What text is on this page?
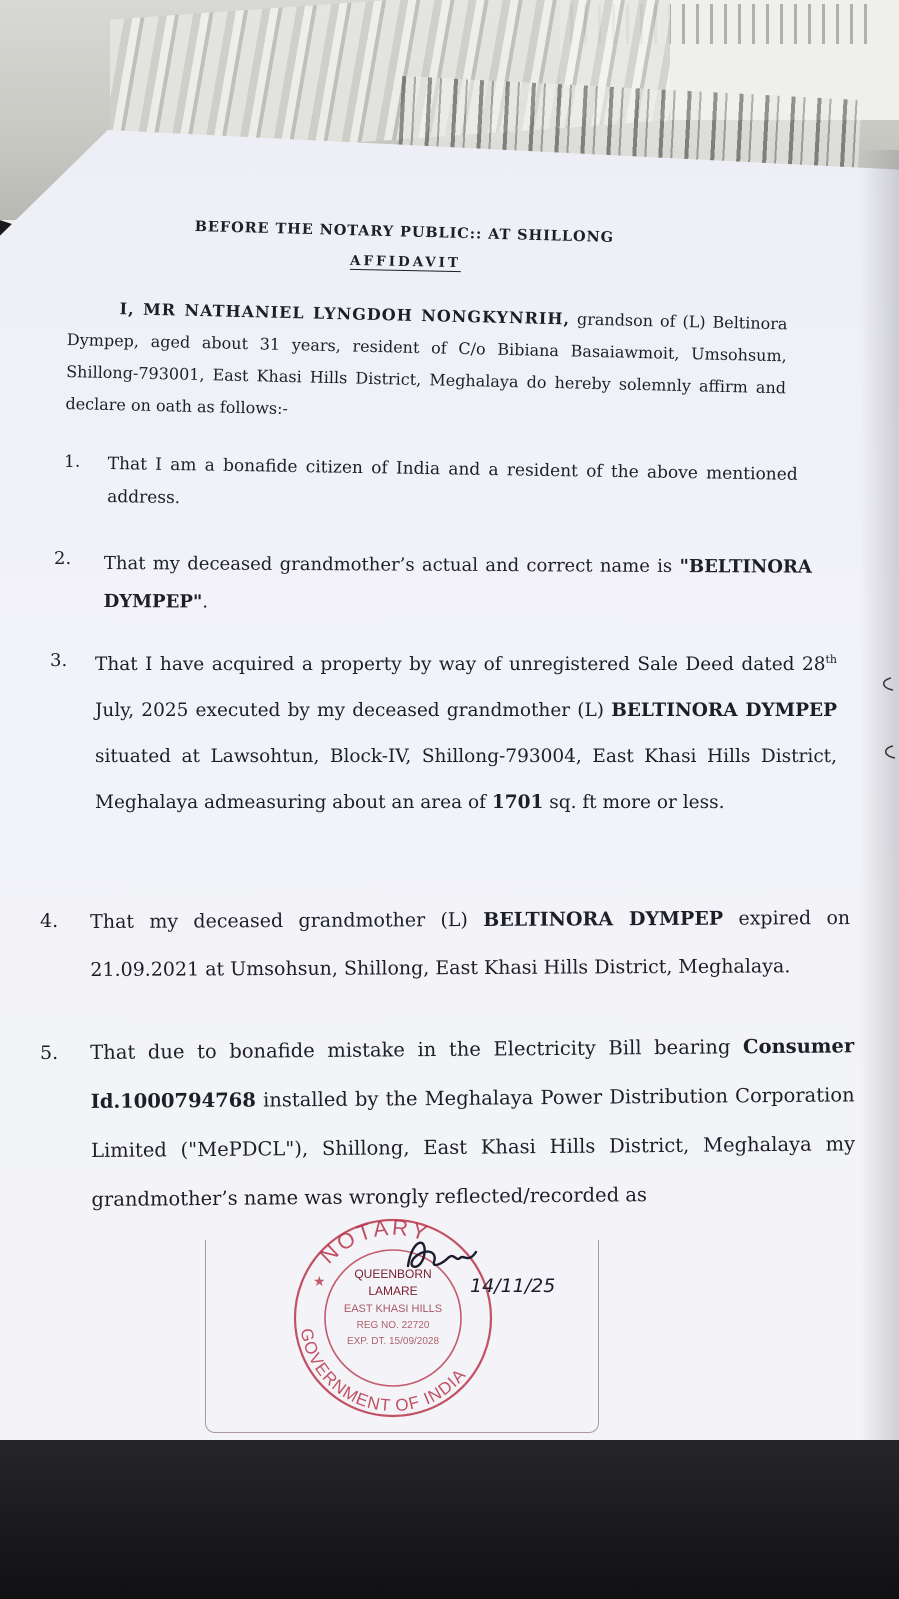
BEFORE THE NOTARY PUBLIC:: AT SHILLONG
AFFIDAVIT
I, MR NATHANIEL LYNGDOH NONGKYNRIH, grandson of (L) Beltinora Dympep, aged about 31 years, resident of C/o Bibiana Basaiawmoit, Umsohsum, Shillong-793001, East Khasi Hills District, Meghalaya do hereby solemnly affirm and declare on oath as follows:-
1. That I am a bonafide citizen of India and a resident of the above mentioned address.
2. That my deceased grandmother’s actual and correct name is "BELTINORA DYMPEP".
3. That I have acquired a property by way of unregistered Sale Deed dated 28th July, 2025 executed by my deceased grandmother (L) BELTINORA DYMPEP situated at Lawsohtun, Block-IV, Shillong-793004, East Khasi Hills District, Meghalaya admeasuring about an area of 1701 sq. ft more or less.
4. That my deceased grandmother (L) BELTINORA DYMPEP expired on 21.09.2021 at Umsohsun, Shillong, East Khasi Hills District, Meghalaya.
5. That due to bonafide mistake in the Electricity Bill bearing Consumer Id.1000794768 installed by the Meghalaya Power Distribution Corporation Limited ("MePDCL"), Shillong, East Khasi Hills District, Meghalaya my grandmother’s name was wrongly reflected/recorded as
NOTARY
GOVERNMENT OF INDIA
★ QUEENBORN
LAMARE
EAST KHASI HILLS
REG NO. 22720
EXP. DT. 15/09/2028
14/11/25
